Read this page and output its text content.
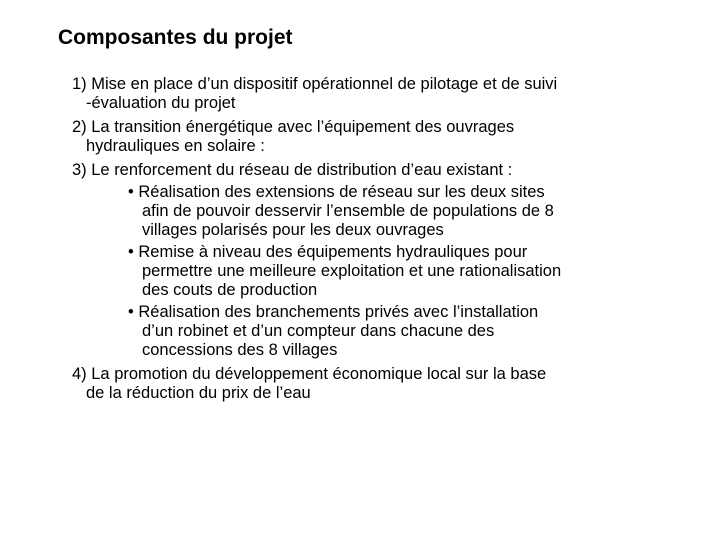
Composantes du projet
1) Mise en place d’un dispositif opérationnel de pilotage et de suivi
-évaluation du projet
2) La transition énergétique avec l’équipement des ouvrages
hydrauliques en solaire :
3) Le renforcement du réseau de distribution d’eau existant :
• Réalisation des extensions de réseau sur les deux sites
afin de pouvoir desservir l’ensemble de populations de 8
villages polarisés pour les deux ouvrages
• Remise à niveau des équipements hydrauliques pour
permettre une meilleure exploitation et une rationalisation
des couts de production
• Réalisation des branchements privés avec l’installation
d’un robinet et d’un compteur dans chacune des
concessions des 8 villages
4) La promotion du développement économique local sur la base
de la réduction du prix de l’eau
